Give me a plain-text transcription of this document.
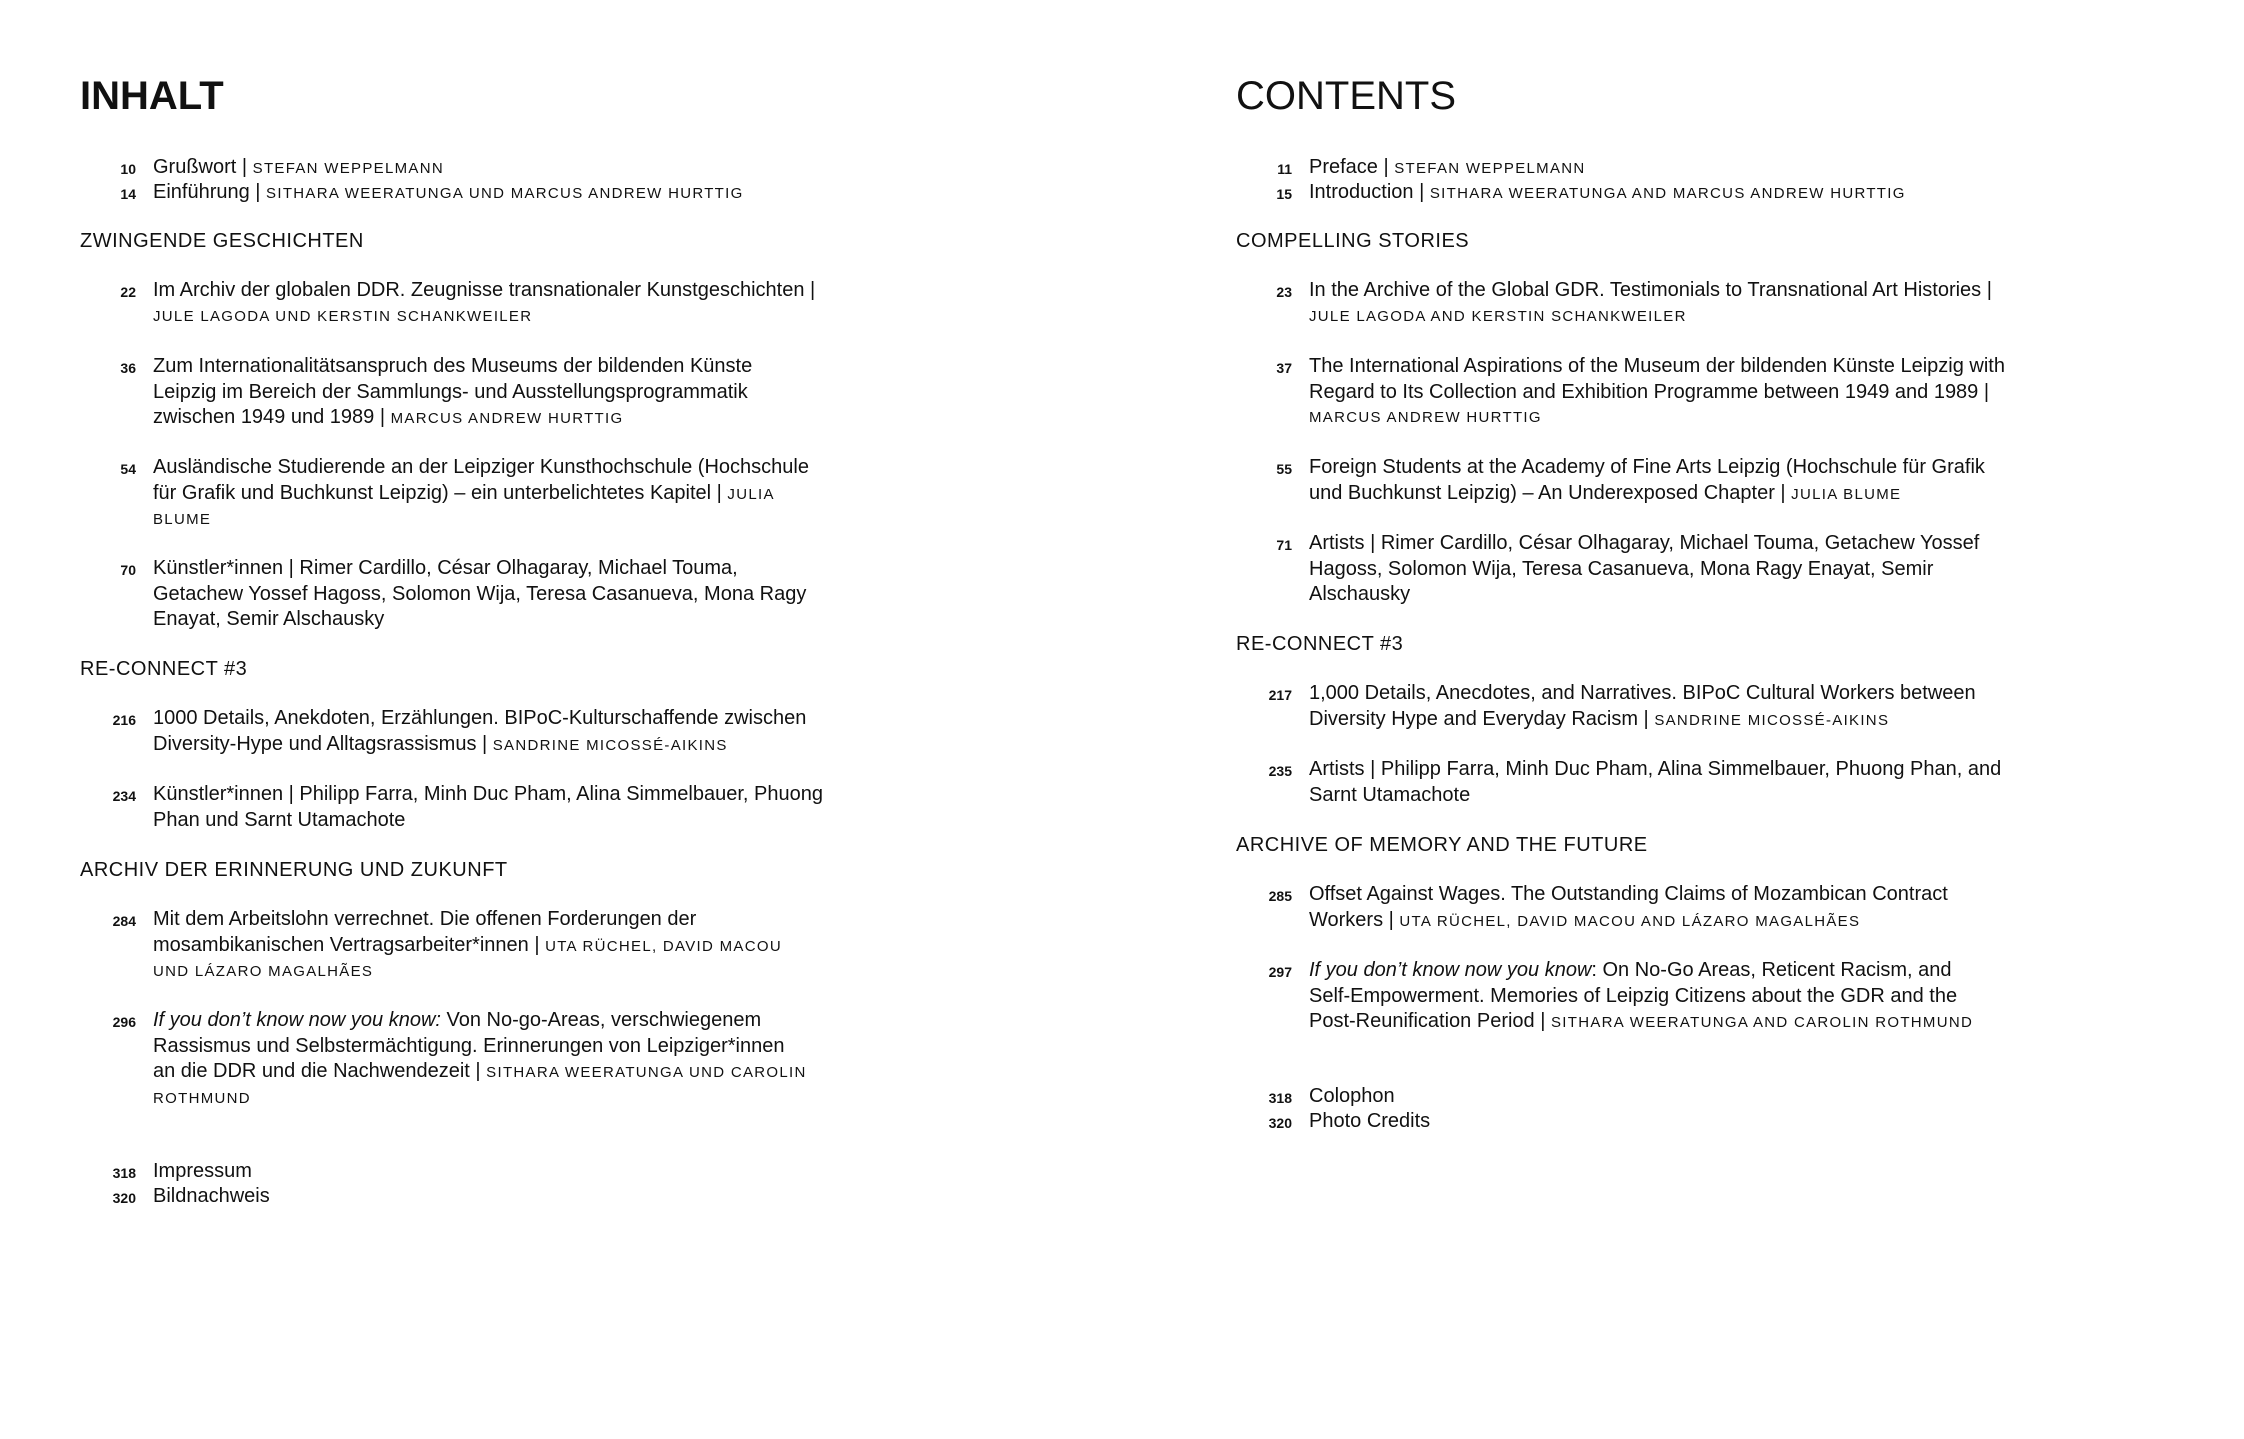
INHALT
10 Grußwort | STEFAN WEPPELMANN
14 Einführung | SITHARA WEERATUNGA UND MARCUS ANDREW HURTTIG
ZWINGENDE GESCHICHTEN
22 Im Archiv der globalen DDR. Zeugnisse transnationaler Kunstgeschichten |
JULE LAGODA UND KERSTIN SCHANKWEILER
36 Zum Internationalitätsanspruch des Museums der bildenden Künste
Leipzig im Bereich der Sammlungs- und Ausstellungsprogrammatik
zwischen 1949 und 1989 | MARCUS ANDREW HURTTIG
54 Ausländische Studierende an der Leipziger Kunsthochschule (Hochschule
für Grafik und Buchkunst Leipzig) – ein unterbelichtetes Kapitel | JULIA
BLUME
70 Künstler*innen | Rimer Cardillo, César Olhagaray, Michael Touma,
Getachew Yossef Hagoss, Solomon Wija, Teresa Casanueva, Mona Ragy
Enayat, Semir Alschausky
RE-CONNECT #3
216 1000 Details, Anekdoten, Erzählungen. BIPoC-Kulturschaffende zwischen
Diversity-Hype und Alltagsrassismus | SANDRINE MICOSSÉ-AIKINS
234 Künstler*innen | Philipp Farra, Minh Duc Pham, Alina Simmelbauer, Phuong
Phan und Sarnt Utamachote
ARCHIV DER ERINNERUNG UND ZUKUNFT
284 Mit dem Arbeitslohn verrechnet. Die offenen Forderungen der
mosambikanischen Vertragsarbeiter*innen | UTA RÜCHEL, DAVID MACOU
UND LÁZARO MAGALHÃES
296 If you don’t know now you know: Von No-go-Areas, verschwiegenem
Rassismus und Selbstermächtigung. Erinnerungen von Leipziger*innen
an die DDR und die Nachwendezeit | SITHARA WEERATUNGA UND CAROLIN
ROTHMUND
318 Impressum
320 Bildnachweis
CONTENTS
11 Preface | STEFAN WEPPELMANN
15 Introduction | SITHARA WEERATUNGA AND MARCUS ANDREW HURTTIG
COMPELLING STORIES
23 In the Archive of the Global GDR. Testimonials to Transnational Art Histories |
JULE LAGODA AND KERSTIN SCHANKWEILER
37 The International Aspirations of the Museum der bildenden Künste Leipzig with
Regard to Its Collection and Exhibition Programme between 1949 and 1989 |
MARCUS ANDREW HURTTIG
55 Foreign Students at the Academy of Fine Arts Leipzig (Hochschule für Grafik
und Buchkunst Leipzig) – An Underexposed Chapter | JULIA BLUME
71 Artists | Rimer Cardillo, César Olhagaray, Michael Touma, Getachew Yossef
Hagoss, Solomon Wija, Teresa Casanueva, Mona Ragy Enayat, Semir
Alschausky
RE-CONNECT #3
217 1,000 Details, Anecdotes, and Narratives. BIPoC Cultural Workers between
Diversity Hype and Everyday Racism | SANDRINE MICOSSÉ-AIKINS
235 Artists | Philipp Farra, Minh Duc Pham, Alina Simmelbauer, Phuong Phan, and
Sarnt Utamachote
ARCHIVE OF MEMORY AND THE FUTURE
285 Offset Against Wages. The Outstanding Claims of Mozambican Contract
Workers | UTA RÜCHEL, DAVID MACOU AND LÁZARO MAGALHÃES
297 If you don’t know now you know: On No-Go Areas, Reticent Racism, and
Self-Empowerment. Memories of Leipzig Citizens about the GDR and the
Post-Reunification Period | SITHARA WEERATUNGA AND CAROLIN ROTHMUND
318 Colophon
320 Photo Credits
